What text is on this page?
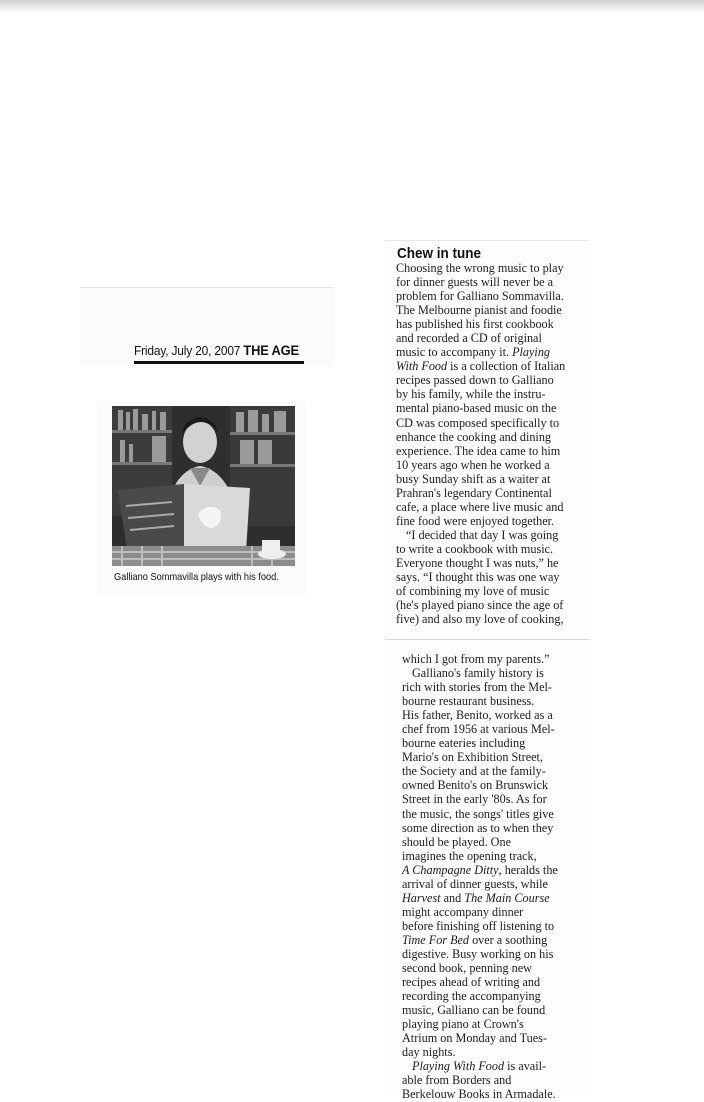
Friday, July 20, 2007 THE AGE
Galliano Sommavilla plays with his food.
Chew in tune
Choosing the wrong music to play
for dinner guests will never be a
problem for Galliano Sommavilla.
The Melbourne pianist and foodie
has published his first cookbook
and recorded a CD of original
music to accompany it. Playing
With Food is a collection of Italian
recipes passed down to Galliano
by his family, while the instru-
mental piano-based music on the
CD was composed specifically to
enhance the cooking and dining
experience. The idea came to him
10 years ago when he worked a
busy Sunday shift as a waiter at
Prahran's legendary Continental
cafe, a place where live music and
fine food were enjoyed together.
“I decided that day I was going
to write a cookbook with music.
Everyone thought I was nuts,” he
says. “I thought this was one way
of combining my love of music
(he's played piano since the age of
five) and also my love of cooking,
which I got from my parents.”
Galliano's family history is
rich with stories from the Mel-
bourne restaurant business.
His father, Benito, worked as a
chef from 1956 at various Mel-
bourne eateries including
Mario's on Exhibition Street,
the Society and at the family-
owned Benito's on Brunswick
Street in the early '80s. As for
the music, the songs' titles give
some direction as to when they
should be played. One
imagines the opening track,
A Champagne Ditty, heralds the
arrival of dinner guests, while
Harvest and The Main Course
might accompany dinner
before finishing off listening to
Time For Bed over a soothing
digestive. Busy working on his
second book, penning new
recipes ahead of writing and
recording the accompanying
music, Galliano can be found
playing piano at Crown's
Atrium on Monday and Tues-
day nights.
Playing With Food is avail-
able from Borders and
Berkelouw Books in Armadale.
